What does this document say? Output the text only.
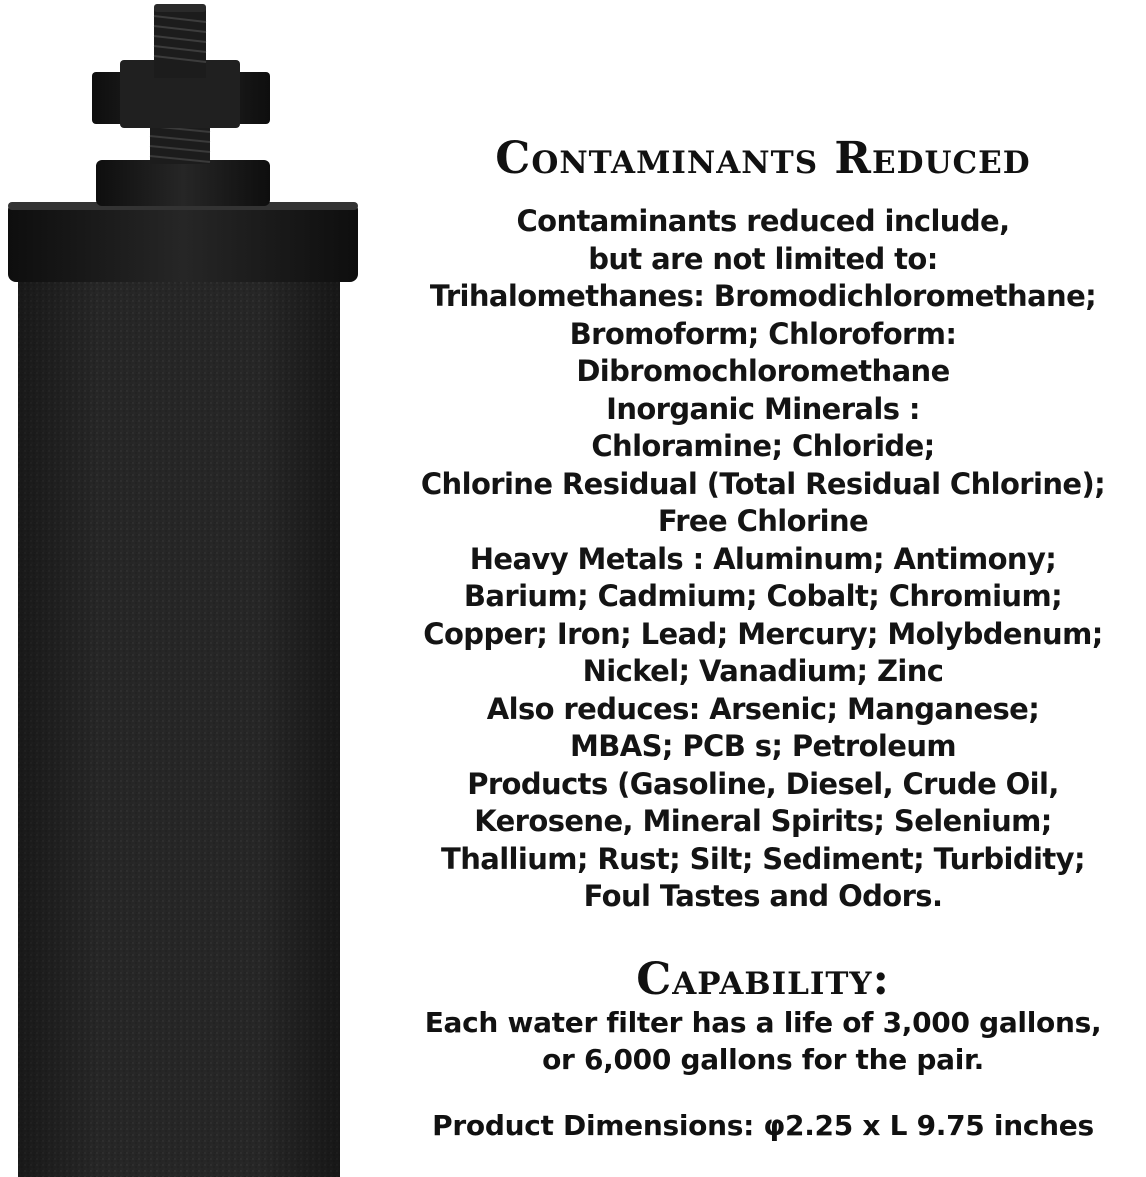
Contaminants Reduced
Contaminants reduced include,
but are not limited to:
Trihalomethanes: Bromodichloromethane;
Bromoform; Chloroform:
Dibromochloromethane
Inorganic Minerals :
Chloramine; Chloride;
Chlorine Residual (Total Residual Chlorine);
Free Chlorine
Heavy Metals : Aluminum; Antimony;
Barium; Cadmium; Cobalt; Chromium;
Copper; Iron; Lead; Mercury; Molybdenum;
Nickel; Vanadium; Zinc
Also reduces: Arsenic; Manganese;
MBAS; PCB s; Petroleum
Products (Gasoline, Diesel, Crude Oil,
Kerosene, Mineral Spirits; Selenium;
Thallium; Rust; Silt; Sediment; Turbidity;
Foul Tastes and Odors.
Capability:
Each water filter has a life of 3,000 gallons,
or 6,000 gallons for the pair.
Product Dimensions: φ2.25 x L 9.75 inches
